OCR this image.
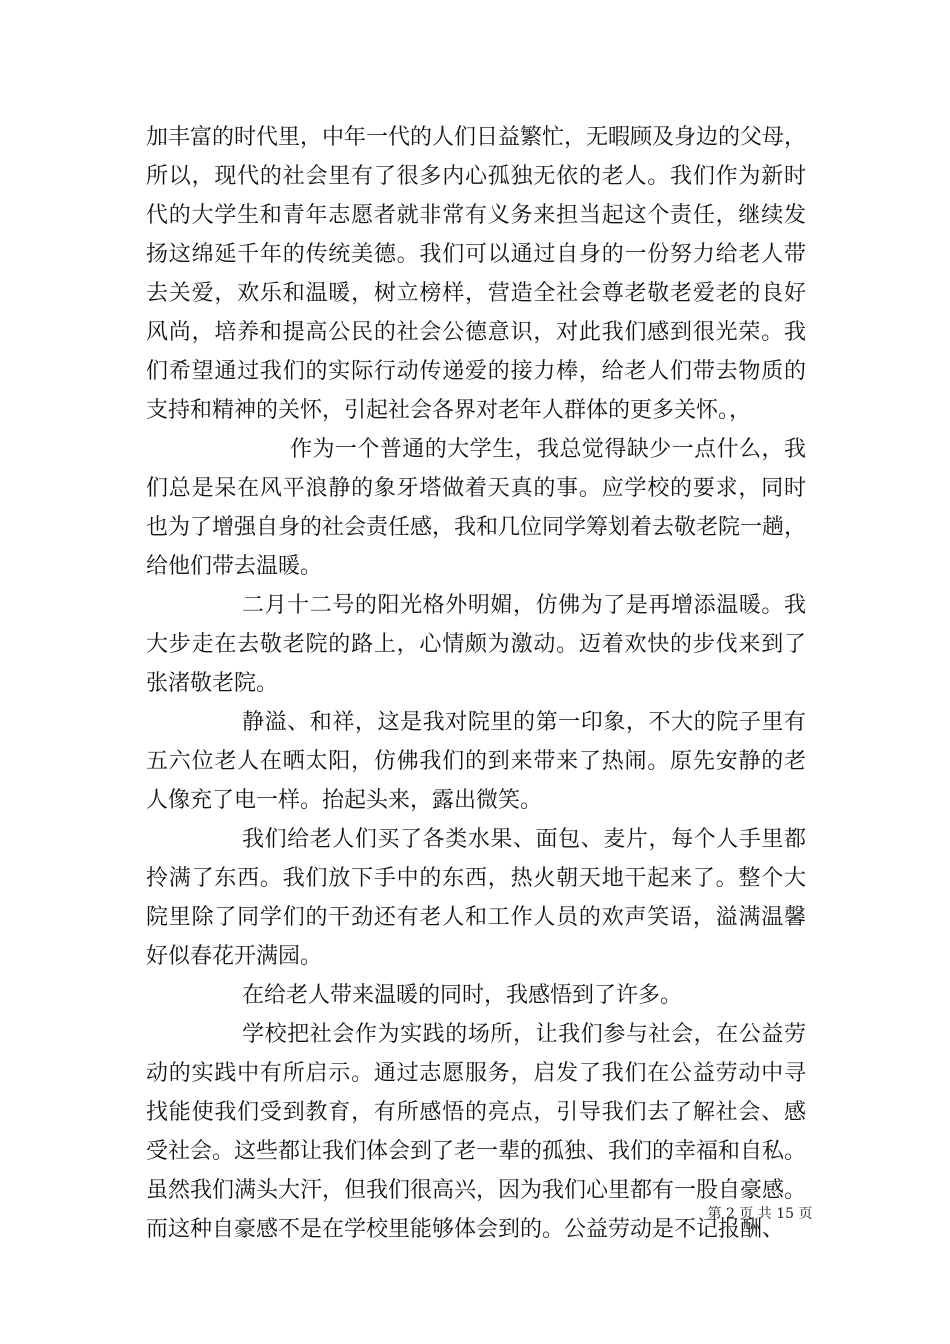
加丰富的时代里，中年一代的人们日益繁忙，无暇顾及身边的父母，
所以，现代的社会里有了很多内心孤独无依的老人。我们作为新时
代的大学生和青年志愿者就非常有义务来担当起这个责任，继续发
扬这绵延千年的传统美德。我们可以通过自身的一份努力给老人带
去关爱，欢乐和温暖，树立榜样，营造全社会尊老敬老爱老的良好
风尚，培养和提高公民的社会公德意识，对此我们感到很光荣。我
们希望通过我们的实际行动传递爱的接力棒，给老人们带去物质的
支持和精神的关怀，引起社会各界对老年人群体的更多关怀。，
作为一个普通的大学生，我总觉得缺少一点什么，我
们总是呆在风平浪静的象牙塔做着天真的事。应学校的要求，同时
也为了增强自身的社会责任感，我和几位同学筹划着去敬老院一趟，
给他们带去温暖。
二月十二号的阳光格外明媚，仿佛为了是再增添温暖。我
大步走在去敬老院的路上，心情颇为激动。迈着欢快的步伐来到了
张渚敬老院。
静溢、和祥，这是我对院里的第一印象，不大的院子里有
五六位老人在晒太阳，仿佛我们的到来带来了热闹。原先安静的老
人像充了电一样。抬起头来，露出微笑。
我们给老人们买了各类水果、面包、麦片，每个人手里都
拎满了东西。我们放下手中的东西，热火朝天地干起来了。整个大
院里除了同学们的干劲还有老人和工作人员的欢声笑语，溢满温馨
好似春花开满园。
在给老人带来温暖的同时，我感悟到了许多。
学校把社会作为实践的场所，让我们参与社会，在公益劳
动的实践中有所启示。通过志愿服务，启发了我们在公益劳动中寻
找能使我们受到教育，有所感悟的亮点，引导我们去了解社会、感
受社会。这些都让我们体会到了老一辈的孤独、我们的幸福和自私。
虽然我们满头大汗，但我们很高兴，因为我们心里都有一股自豪感。
而这种自豪感不是在学校里能够体会到的。公益劳动是不记报酬、
第 2 页 共 15 页
